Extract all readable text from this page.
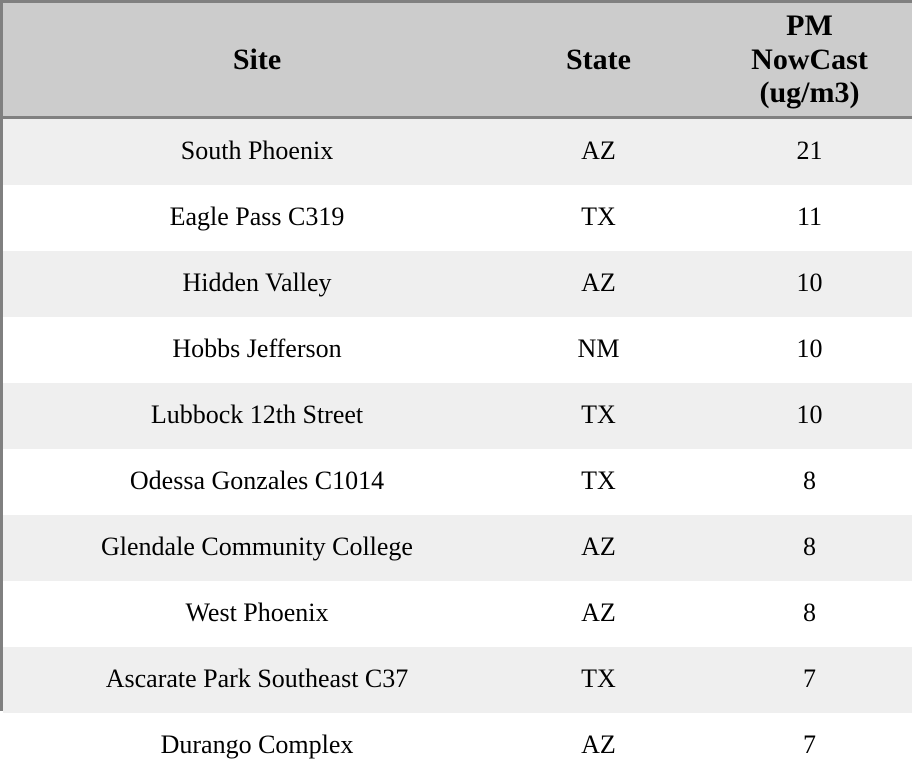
Site	State	PM
NowCast
(ug/m3)

South Phoenix	AZ	21
Eagle Pass C319	TX	11
Hidden Valley	AZ	10
Hobbs Jefferson	NM	10
Lubbock 12th Street	TX	10
Odessa Gonzales C1014	TX	8
Glendale Community College	AZ	8
West Phoenix	AZ	8
Ascarate Park Southeast C37	TX	7
Durango Complex	AZ	7
